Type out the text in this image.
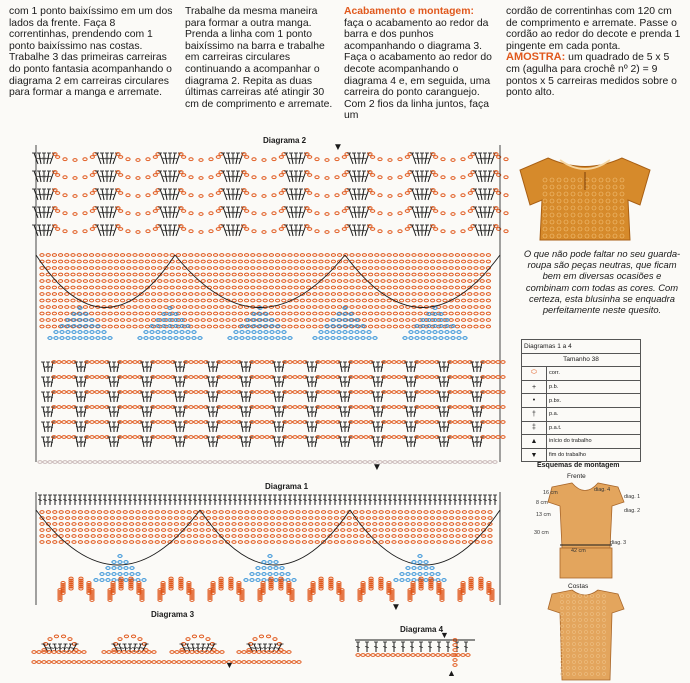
com 1 ponto baixíssimo em um dos lados da frente. Faça 8 correntinhas, prendendo com 1 ponto baixíssimo nas costas. Trabalhe 3 das primeiras carreiras do ponto fantasia acompanhando o diagrama 2 em carreiras circulares para formar a manga e arremate.

Trabalhe da mesma maneira para formar a outra manga. Prenda a linha com 1 ponto baixíssimo na barra e trabalhe em carreiras circulares continuando a acompanhar o diagrama 2. Repita as duas últimas carreiras até atingir 30 cm de comprimento e arremate.

Acabamento e montagem:
faça o acabamento ao redor da barra e dos punhos acompanhando o diagrama 3. Faça o acabamento ao redor do decote acompanhando o diagrama 4 e, em seguida, uma carreira do ponto caranguejo. Com 2 fios da linha juntos, faça um

cordão de correntinhas com 120 cm de comprimento e arremate. Passe o cordão ao redor do decote e prenda 1 pingente em cada ponta.

AMOSTRA: um quadrado de 5 x 5 cm (agulha para crochê nº 2) = 9 pontos x 5 carreiras medidos sobre o ponto alto.

Diagrama 2
Diagrama 1
Diagrama 3
Diagrama 4
▼
▼
▼
▼
▼
▲
O que não pode faltar no seu guarda-roupa são peças neutras, que ficam bem em diversas ocasiões e combinam com todas as cores. Com certeza, esta blusinha se enquadra perfeitamente neste quesito.
Diagramas 1 a 4	
Tamanho 38	
⬭	corr.
+	p.b.
•	p.bx.
†	p.a.
‡	p.a.t.
▲	início do trabalho
▼	fim do trabalho
Esquemas de montagem
Frente
Costas
diag. 4
diag. 1
diag. 2
diag. 3
16 cm
8 cm
13 cm
30 cm
42 cm
